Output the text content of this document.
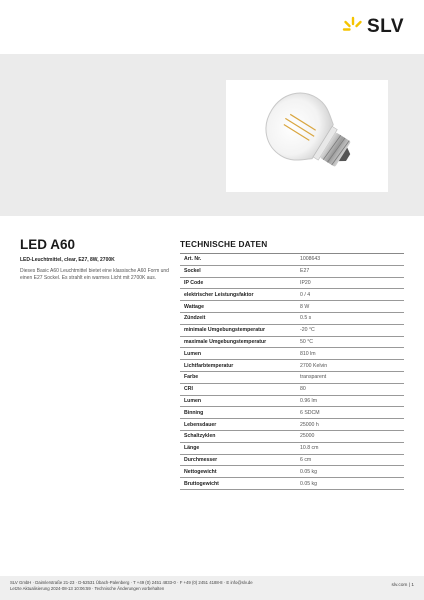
SLV
LED A60
LED-Leuchtmittel, clear, E27, 8W, 2700K
Dieses Basic A60 Leuchtmittel bietet eine klassische A60 Form und einen E27 Sockel. Es strahlt ein warmes Licht mit 2700K aus.
TECHNISCHE DATEN
Art. Nr.	1008643
Sockel	E27
IP Code	IP20
elektrischer Leistungsfaktor	0 / 4
Wattage	8 W
Zündzeit	0.5 s
minimale Umgebungstemperatur	-20 °C
maximale Umgebungstemperatur	50 °C
Lumen	810 lm
Lichtfarbtemperatur	2700 Kelvin
Farbe	transparent
CRI	80
Lumen	0.96 lm
Binning	6 SDCM
Lebensdauer	25000 h
Schaltzyklen	25000
Länge	10.8 cm
Durchmesser	6 cm
Nettogewicht	0.05 kg
Bruttogewicht	0.05 kg
SLV GmbH · Daimlerstraße 21-23 · D-52531 Übach-Palenberg · T +49 (0) 2451 4833-0 · F +49 (0) 2451 4188-8 · E info@slv.de
Letzte Aktualisierung 2024-08-13 10:06:59 · Technische Änderungen vorbehalten
slv.com | 1
